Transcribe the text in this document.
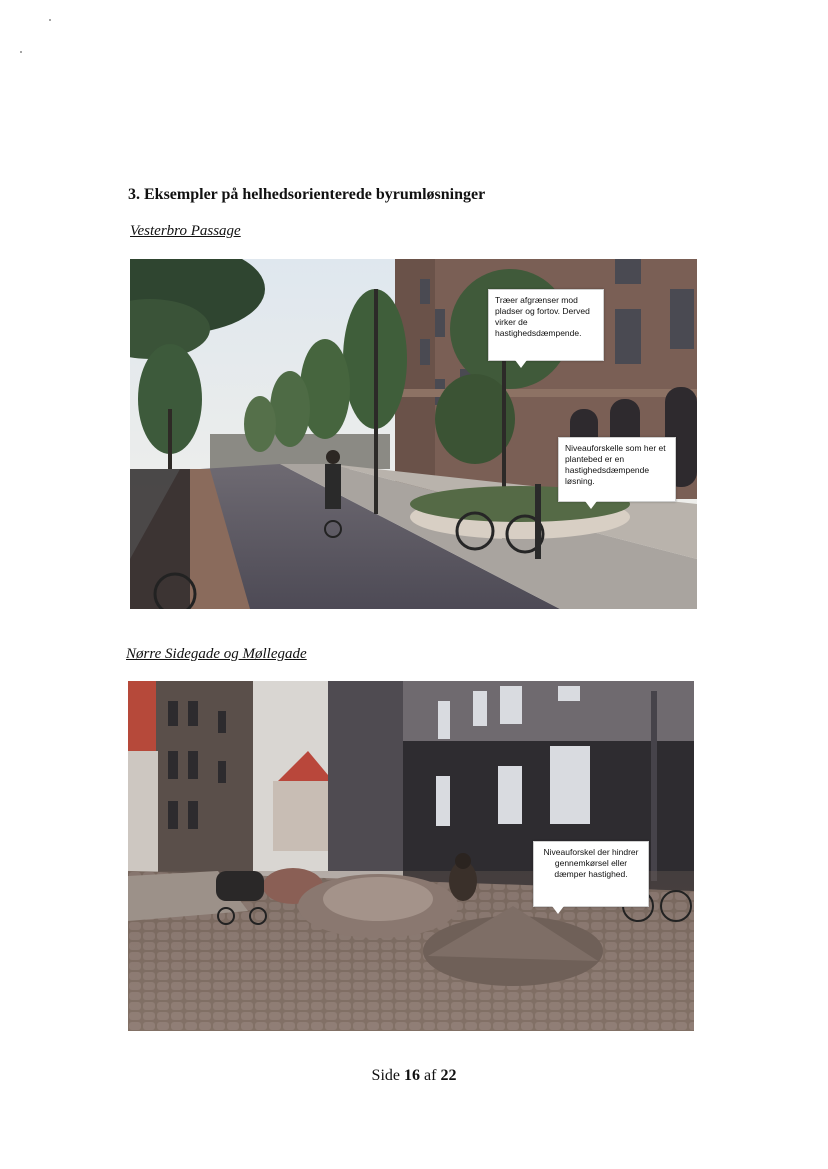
3. Eksempler på helhedsorienterede byrumløsninger
Vesterbro Passage
Træer afgrænser mod pladser og fortov. Derved virker de hastighedsdæmpende.
Niveauforskelle som her et plantebed er en hastighedsdæmpende løsning.
Nørre Sidegade og Møllegade
Niveauforskel der hindrer gennemkørsel eller dæmper hastighed.
Side 16 af 22
